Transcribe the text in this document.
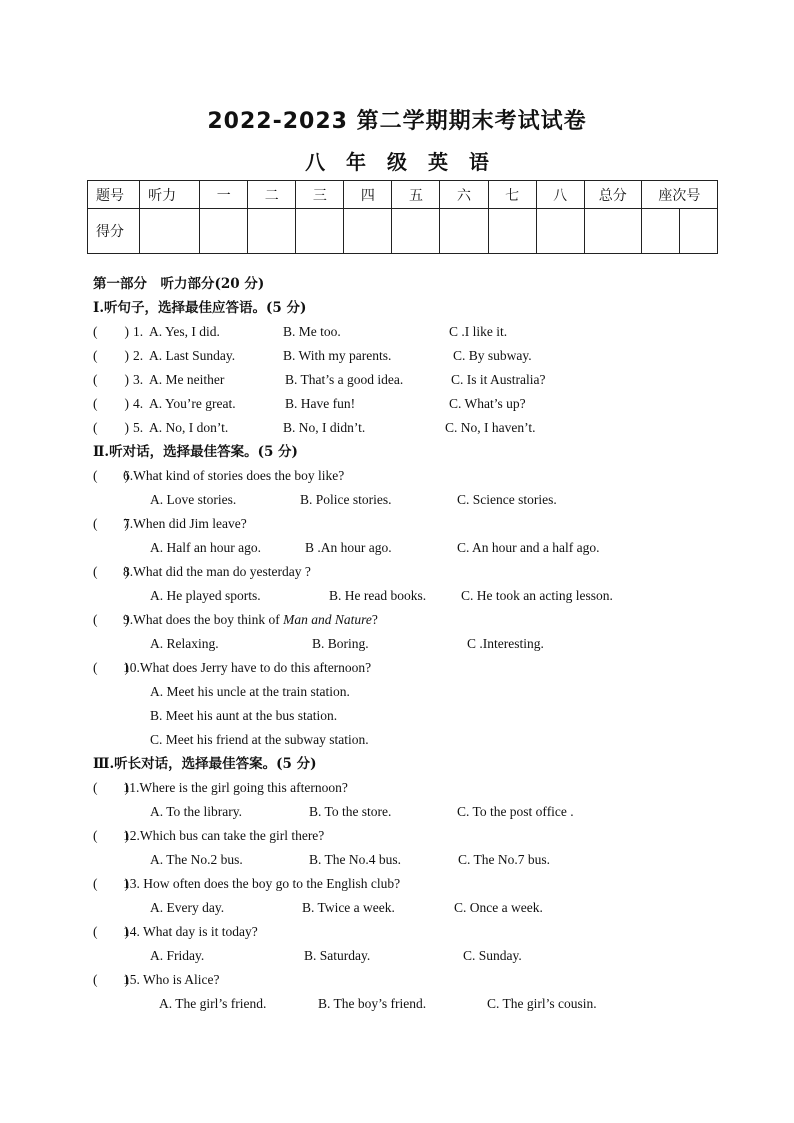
2022-2023 第二学期期末考试试卷
八 年 级 英 语
题号	听力	一	二	三	四	五	六	七	八	总分	座次号	
得分												
第一部分　听力部分(20 分)
I.听句子，选择最佳应答语。(5 分)
(　　) 1. A. Yes, I did.	B. Me too.	C .I like it.
(　　) 2. A. Last Sunday.	B. With my parents.	C. By subway.
(　　) 3. A. Me neither	B. That’s a good idea.	C. Is it Australia?
(　　) 4. A. You’re great.	B. Have fun!	C. What’s up?
(　　) 5. A. No, I don’t.	B. No, I didn’t.	C. No, I haven’t.
Ⅱ.听对话，选择最佳答案。(5 分)
(　　)
6.What kind of stories does the boy like?
A. Love stories.	B. Police stories.	C. Science stories.
(　　)
7.When did Jim leave?
A. Half an hour ago.	B .An hour ago.	C. An hour and a half ago.
(　　)
8.What did the man do yesterday ?
A. He played sports.	B. He read books.	C. He took an acting lesson.
(　　)
9.What does the boy think of Man and Nature?
A. Relaxing.	B. Boring.	C .Interesting.
(　　)
10.What does Jerry have to do this afternoon?
A. Meet his uncle at the train station.
B. Meet his aunt at the bus station.
C. Meet his friend at the subway station.
Ⅲ.听长对话，选择最佳答案。(5 分)
(　　)
11.Where is the girl going this afternoon?
A. To the library.	B. To the store.	C. To the post office .
(　　)
12.Which bus can take the girl there?
A. The No.2 bus.	B. The No.4 bus.	C. The No.7 bus.
(　　)
13. How often does the boy go to the English club?
A. Every day.	B. Twice a week.	C. Once a week.
(　　)
14. What day is it today?
A. Friday.	B. Saturday.	C. Sunday.
(　　)
15. Who is Alice?
A. The girl’s friend.	B. The boy’s friend.	C. The girl’s cousin.
